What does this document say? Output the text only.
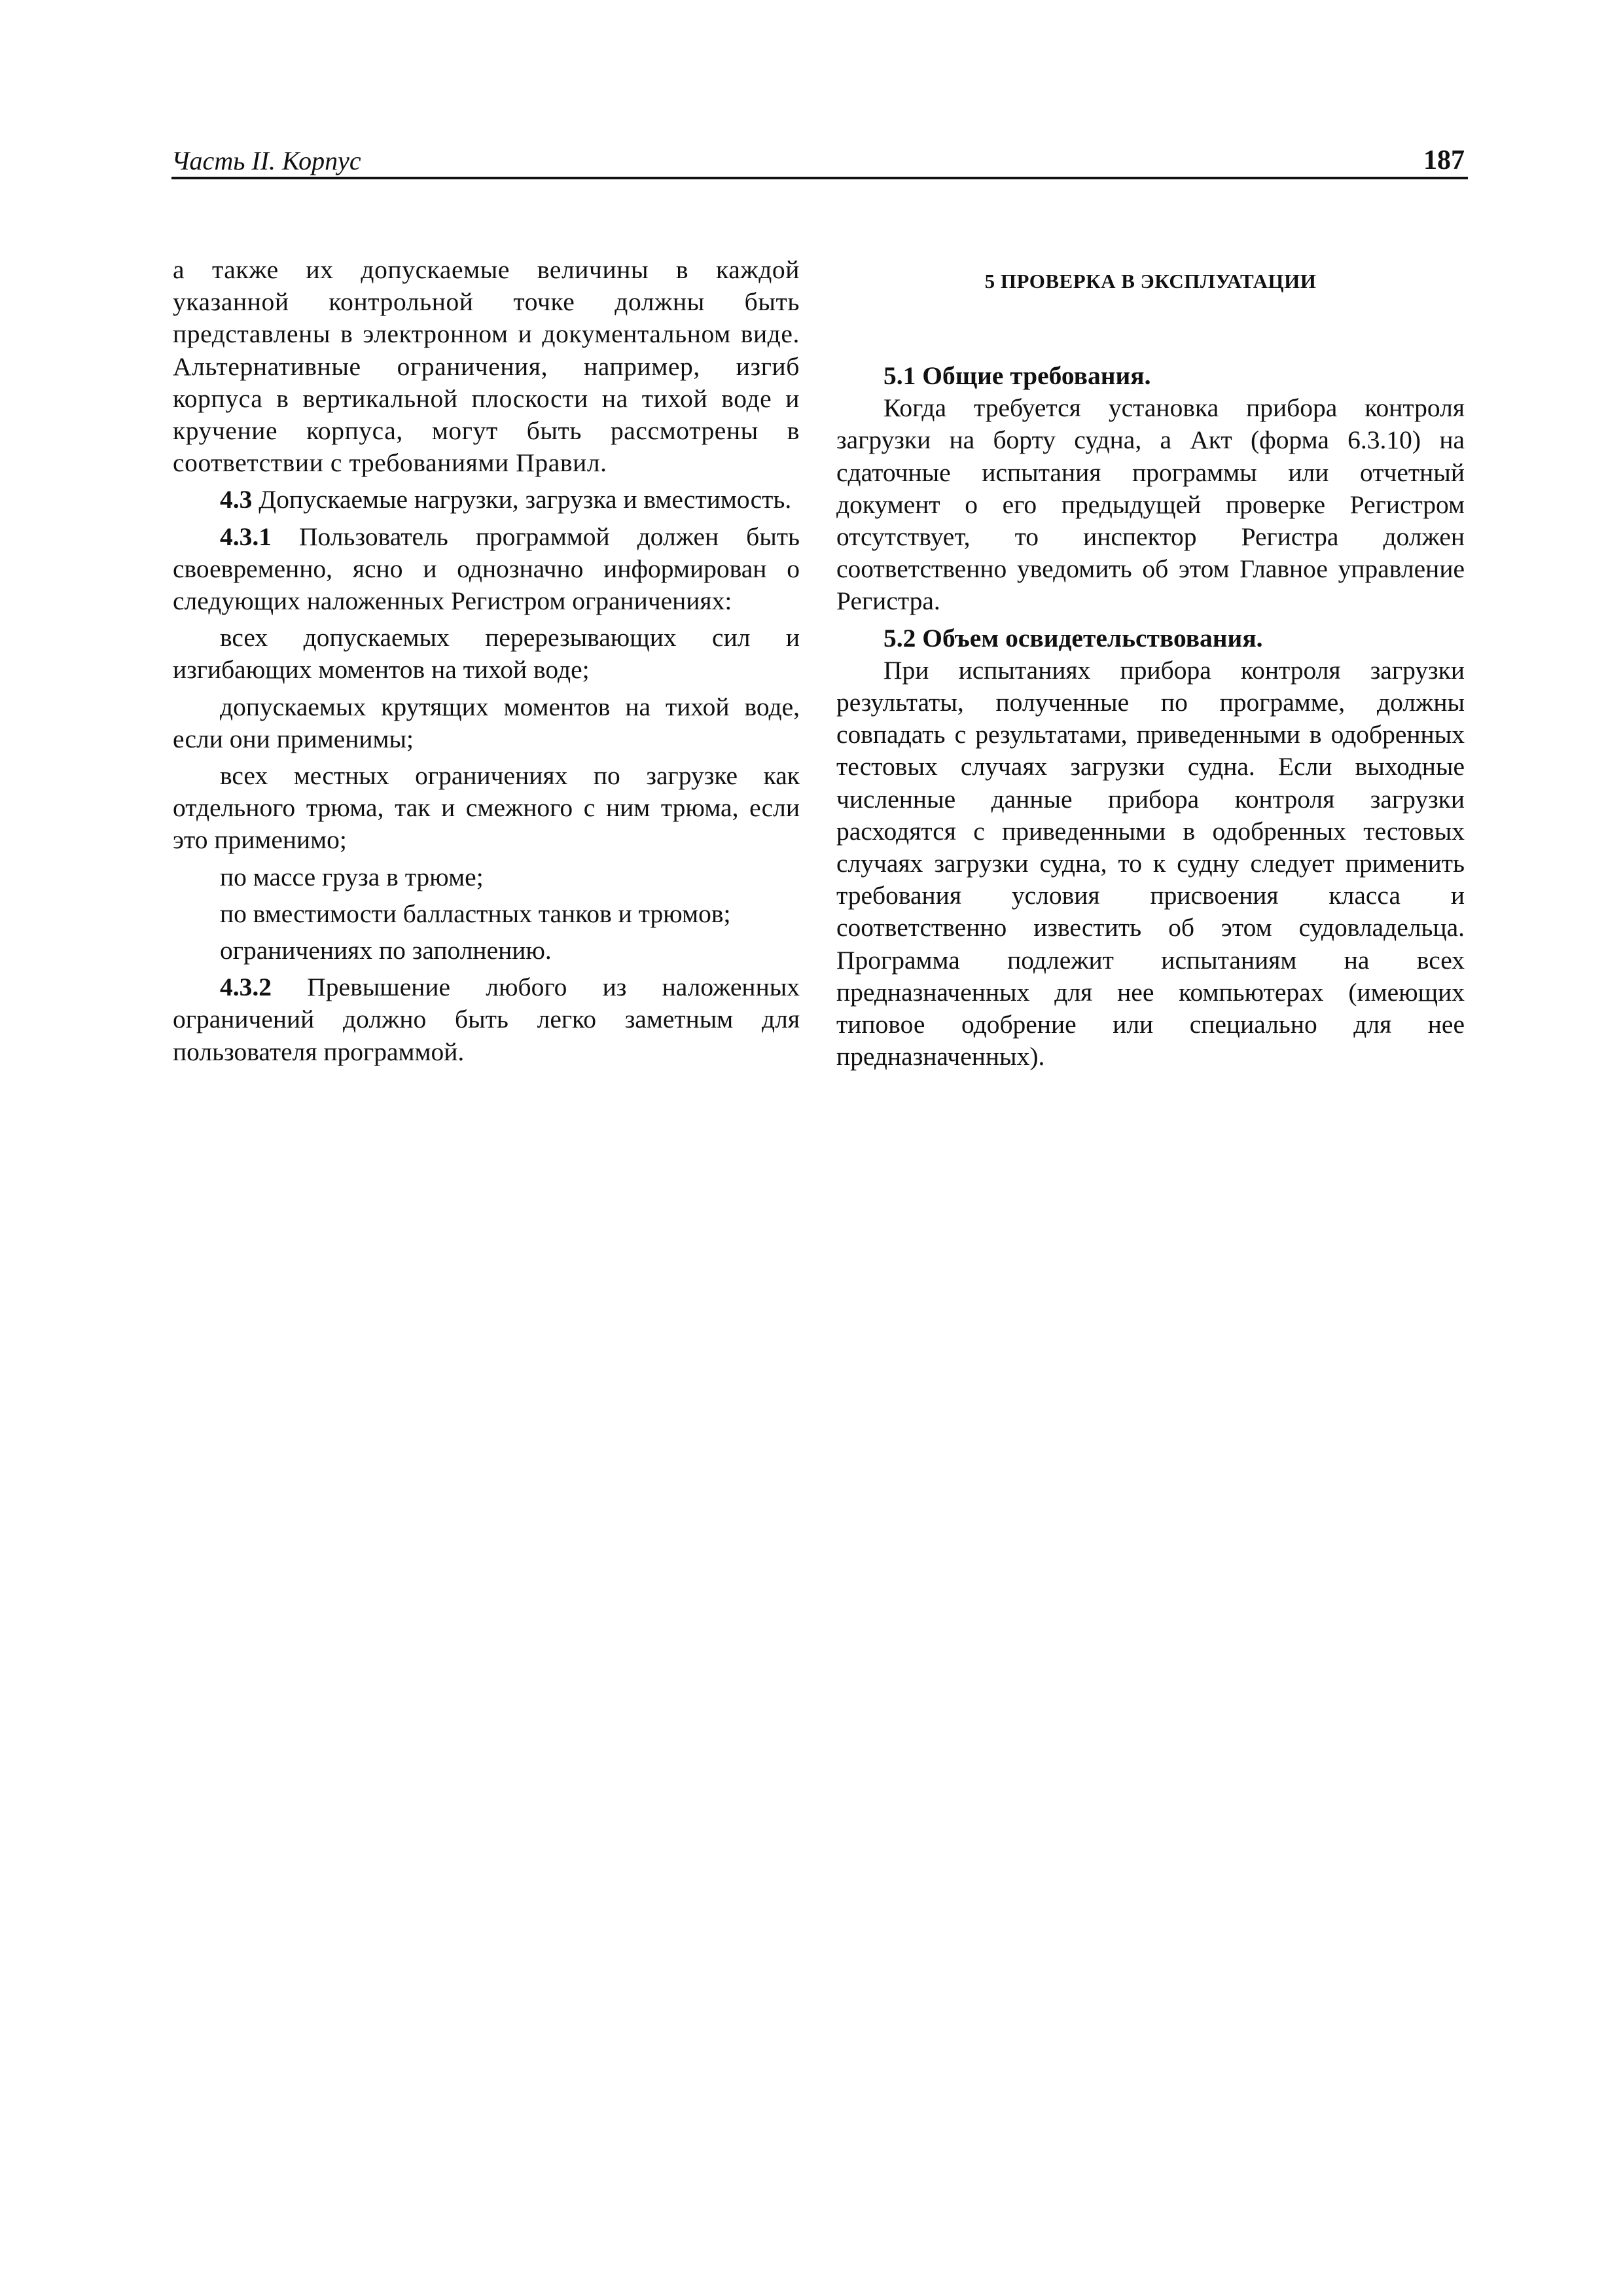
Часть II. Корпус	187

а также их допускаемые величины в каждой указанной контрольной точке должны быть представлены в электронном и документальном виде. Альтернативные ограничения, например, изгиб корпуса в вертикальной плоскости на тихой воде и кручение корпуса, могут быть рассмотрены в соответствии с требованиями Правил.

4.3 Допускаемые нагрузки, загрузка и вместимость.

4.3.1 Пользователь программой должен быть своевременно, ясно и однозначно информирован о следующих наложенных Регистром ограничениях:

всех допускаемых перерезывающих сил и изгибающих моментов на тихой воде;

допускаемых крутящих моментов на тихой воде, если они применимы;

всех местных ограничениях по загрузке как отдельного трюма, так и смежного с ним трюма, если это применимо;

по массе груза в трюме;

по вместимости балластных танков и трюмов;

ограничениях по заполнению.

4.3.2 Превышение любого из наложенных ограничений должно быть легко заметным для пользователя программой.

5 ПРОВЕРКА В ЭКСПЛУАТАЦИИ

5.1 Общие требования.

Когда требуется установка прибора контроля загрузки на борту судна, а Акт (форма 6.3.10) на сдаточные испытания программы или отчетный документ о его предыдущей проверке Регистром отсутствует, то инспектор Регистра должен соответственно уведомить об этом Главное управление Регистра.

5.2 Объем освидетельствования.

При испытаниях прибора контроля загрузки результаты, полученные по программе, должны совпадать с результатами, приведенными в одобренных тестовых случаях загрузки судна. Если выходные численные данные прибора контроля загрузки расходятся с приведенными в одобренных тестовых случаях загрузки судна, то к судну следует применить требования условия присвоения класса и соответственно известить об этом судовладельца. Программа подлежит испытаниям на всех предназначенных для нее компьютерах (имеющих типовое одобрение или специально для нее предназначенных).
